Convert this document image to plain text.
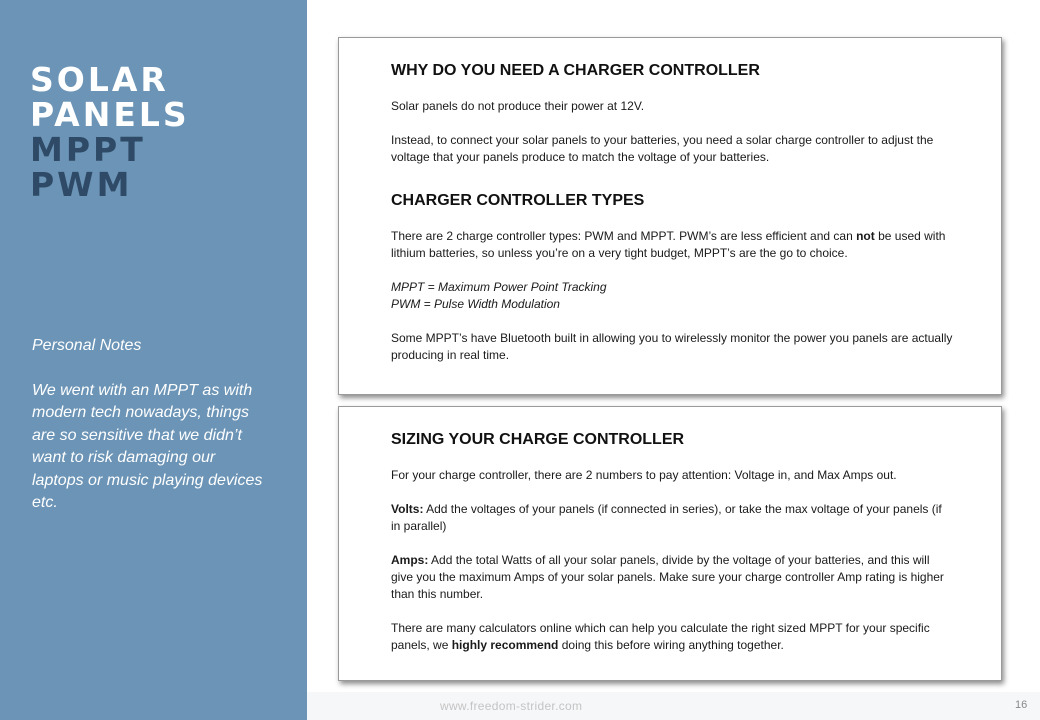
SOLAR
PANELS
MPPT
PWM
Personal Notes
We went with an MPPT as with modern tech nowadays, things are so sensitive that we didn’t want to risk damaging our laptops or music playing devices etc.
WHY DO YOU NEED A CHARGER CONTROLLER

Solar panels do not produce their power at 12V.

Instead, to connect your solar panels to your batteries, you need a solar charge controller to adjust the voltage that your panels produce to match the voltage of your batteries.

CHARGER CONTROLLER TYPES

There are 2 charge controller types: PWM and MPPT. PWM’s are less efficient and can not be used with lithium batteries, so unless you’re on a very tight budget, MPPT’s are the go to choice.

MPPT = Maximum Power Point Tracking

PWM = Pulse Width Modulation

Some MPPT’s have Bluetooth built in allowing you to wirelessly monitor the power you panels are actually producing in real time.

SIZING YOUR CHARGE CONTROLLER

For your charge controller, there are 2 numbers to pay attention: Voltage in, and Max Amps out.

Volts: Add the voltages of your panels (if connected in series), or take the max voltage of your panels (if in parallel)

Amps: Add the total Watts of all your solar panels, divide by the voltage of your batteries, and this will give you the maximum Amps of your solar panels. Make sure your charge controller Amp rating is higher than this number.

There are many calculators online which can help you calculate the right sized MPPT for your specific panels, we highly recommend doing this before wiring anything together.

www.freedom-strider.com	16
